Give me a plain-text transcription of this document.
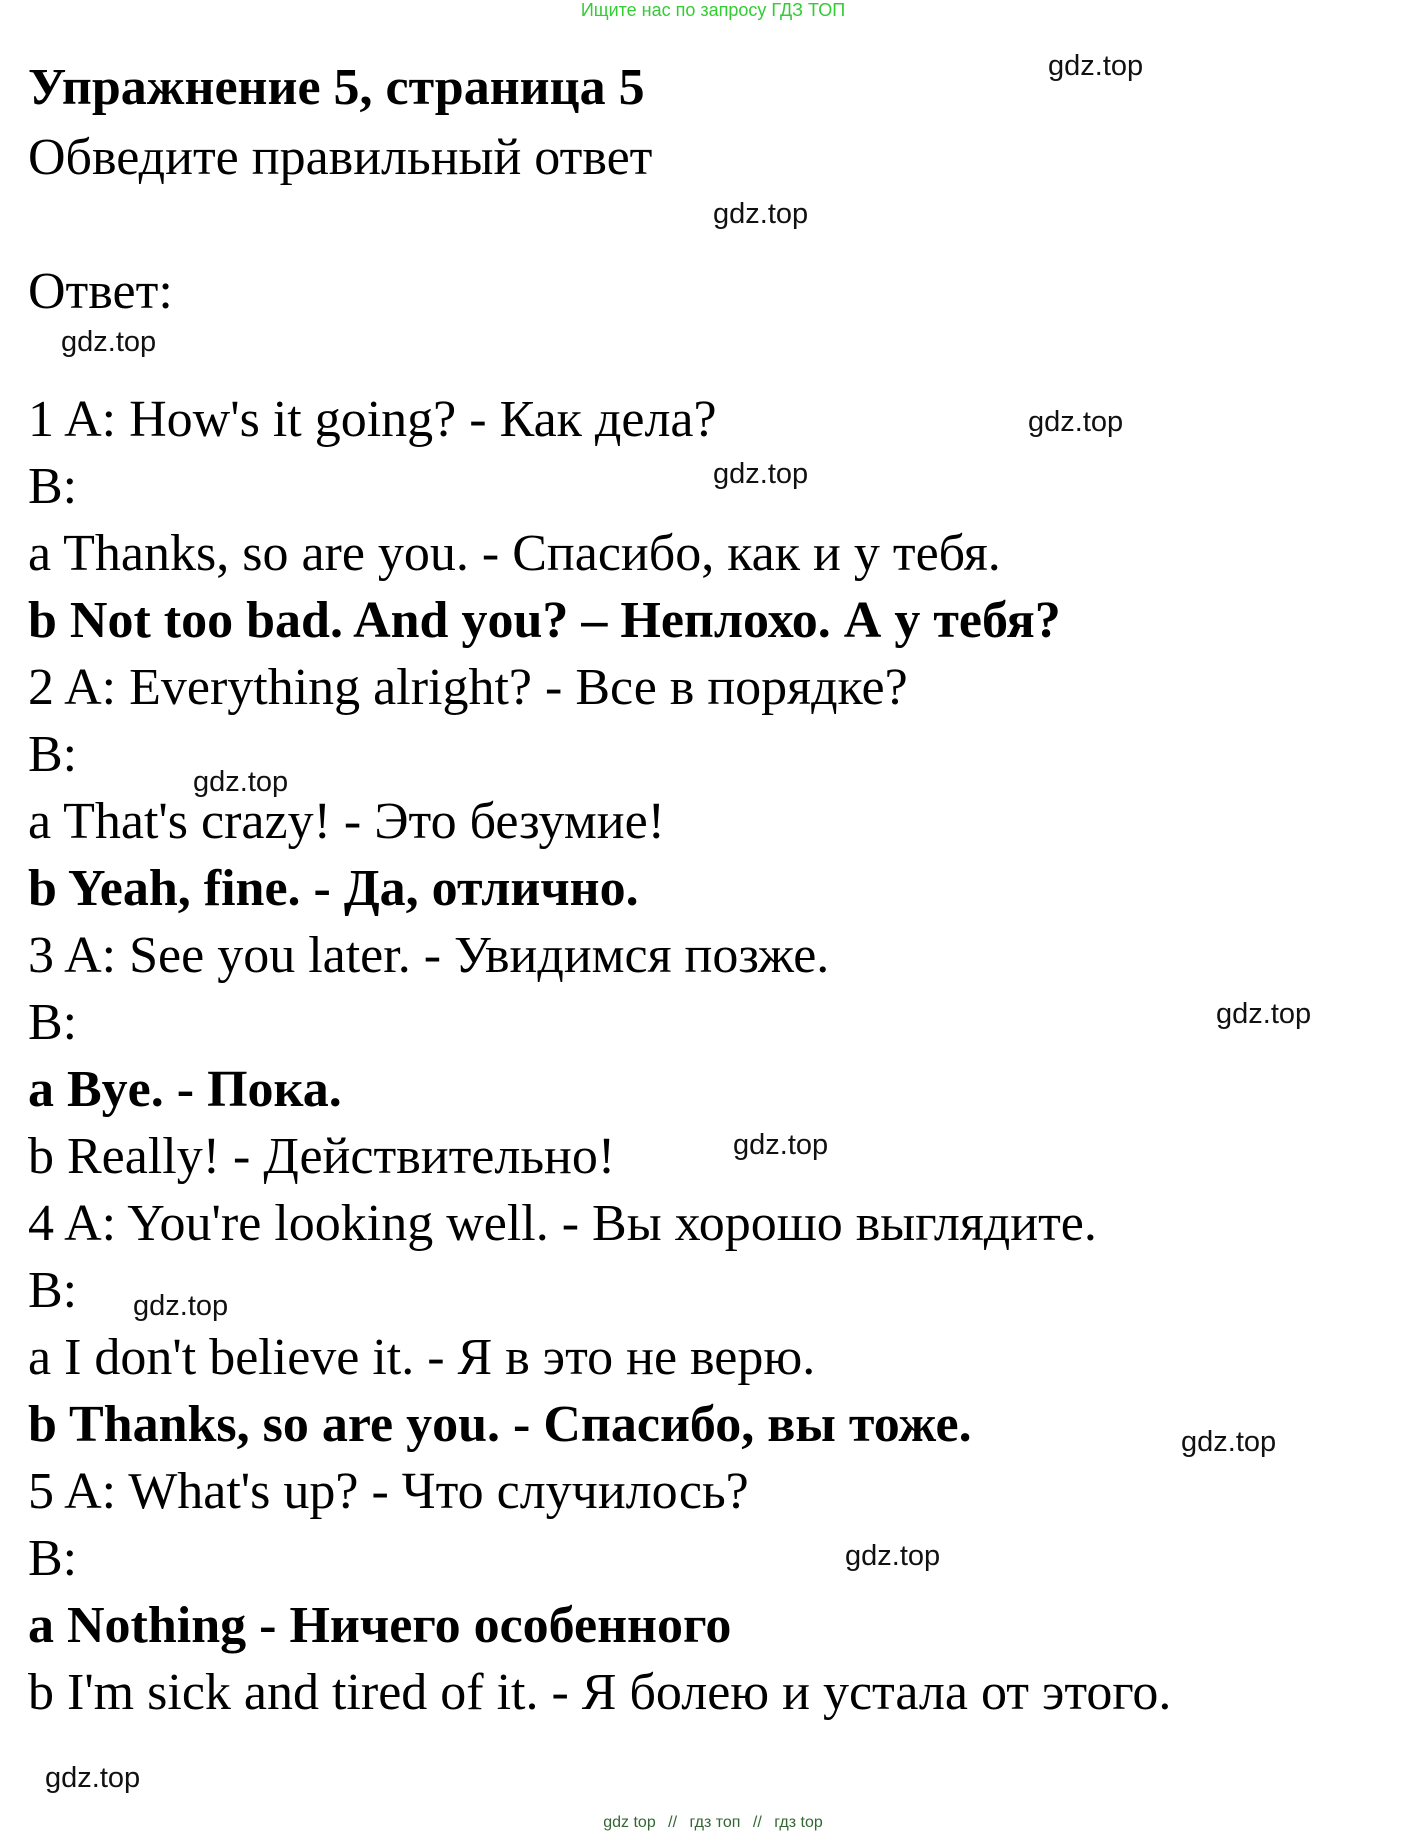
Ищите нас по запросу ГДЗ ТОП
Упражнение 5, страница 5

Обведите правильный ответ

Ответ:
1 A: How's it going? - Как дела?
B:
a Thanks, so are you. - Спасибо, как и у тебя.
b Not too bad. And you? – Неплохо. А у тебя?
2 A: Everything alright? - Все в порядке?
B:
a That's crazy! - Это безумие!
b Yeah, fine. - Да, отлично.
3 A: See you later. - Увидимся позже.
B:
a Bye. - Пока.
b Really! - Действительно!
4 A: You're looking well. - Вы хорошо выглядите.
B:
a I don't believe it. - Я в это не верю.
b Thanks, so are you. - Спасибо, вы тоже.
5 A: What's up? - Что случилось?
B:
a Nothing - Ничего особенного
b I'm sick and tired of it. - Я болею и устала от этого.
gdz.top
gdz.top
gdz.top
gdz.top
gdz.top
gdz.top
gdz.top
gdz.top
gdz.top
gdz.top
gdz.top
gdz.top
gdz top // гдз топ // гдз top
